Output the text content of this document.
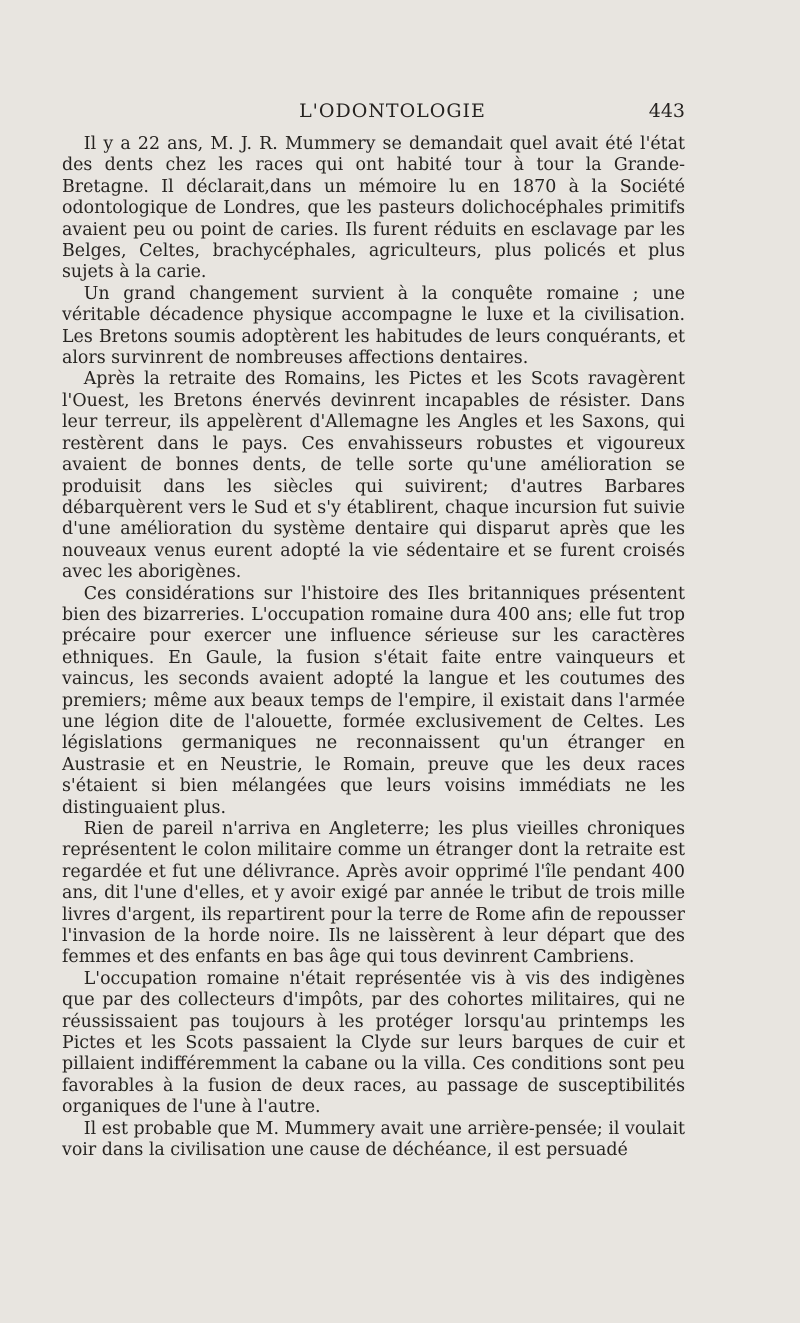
L'ODONTOLOGIE	443

Il y a 22 ans, M. J. R. Mummery se demandait quel avait été l'état des dents chez les races qui ont habité tour à tour la Grande-Bretagne. Il déclarait,dans un mémoire lu en 1870 à la Société odontologique de Londres, que les pasteurs dolichocéphales primitifs avaient peu ou point de caries. Ils furent réduits en esclavage par les Belges, Celtes, brachycéphales, agriculteurs, plus policés et plus sujets à la carie.

Un grand changement survient à la conquête romaine ; une véritable décadence physique accompagne le luxe et la civilisation. Les Bretons soumis adoptèrent les habitudes de leurs conquérants, et alors survinrent de nombreuses affections dentaires.

Après la retraite des Romains, les Pictes et les Scots ravagèrent l'Ouest, les Bretons énervés devinrent incapables de résister. Dans leur terreur, ils appelèrent d'Allemagne les Angles et les Saxons, qui restèrent dans le pays. Ces envahisseurs robustes et vigoureux avaient de bonnes dents, de telle sorte qu'une amélioration se produisit dans les siècles qui suivirent; d'autres Barbares débarquèrent vers le Sud et s'y établirent, chaque incursion fut suivie d'une amélioration du système dentaire qui disparut après que les nouveaux venus eurent adopté la vie sédentaire et se furent croisés avec les aborigènes.

Ces considérations sur l'histoire des Iles britanniques présentent bien des bizarreries. L'occupation romaine dura 400 ans; elle fut trop précaire pour exercer une influence sérieuse sur les caractères ethniques. En Gaule, la fusion s'était faite entre vainqueurs et vaincus, les seconds avaient adopté la langue et les coutumes des premiers; même aux beaux temps de l'empire, il existait dans l'armée une légion dite de l'alouette, formée exclusivement de Celtes. Les législations germaniques ne reconnaissent qu'un étranger en Austrasie et en Neustrie, le Romain, preuve que les deux races s'étaient si bien mélangées que leurs voisins immédiats ne les distinguaient plus.

Rien de pareil n'arriva en Angleterre; les plus vieilles chroniques représentent le colon militaire comme un étranger dont la retraite est regardée et fut une délivrance. Après avoir opprimé l'île pendant 400 ans, dit l'une d'elles, et y avoir exigé par année le tribut de trois mille livres d'argent, ils repartirent pour la terre de Rome afin de repousser l'invasion de la horde noire. Ils ne laissèrent à leur départ que des femmes et des enfants en bas âge qui tous devinrent Cambriens.

L'occupation romaine n'était représentée vis à vis des indigènes que par des collecteurs d'impôts, par des cohortes militaires, qui ne réussissaient pas toujours à les protéger lorsqu'au printemps les Pictes et les Scots passaient la Clyde sur leurs barques de cuir et pillaient indifféremment la cabane ou la villa. Ces conditions sont peu favorables à la fusion de deux races, au passage de susceptibilités organiques de l'une à l'autre.

Il est probable que M. Mummery avait une arrière-pensée; il voulait voir dans la civilisation une cause de déchéance, il est persuadé
